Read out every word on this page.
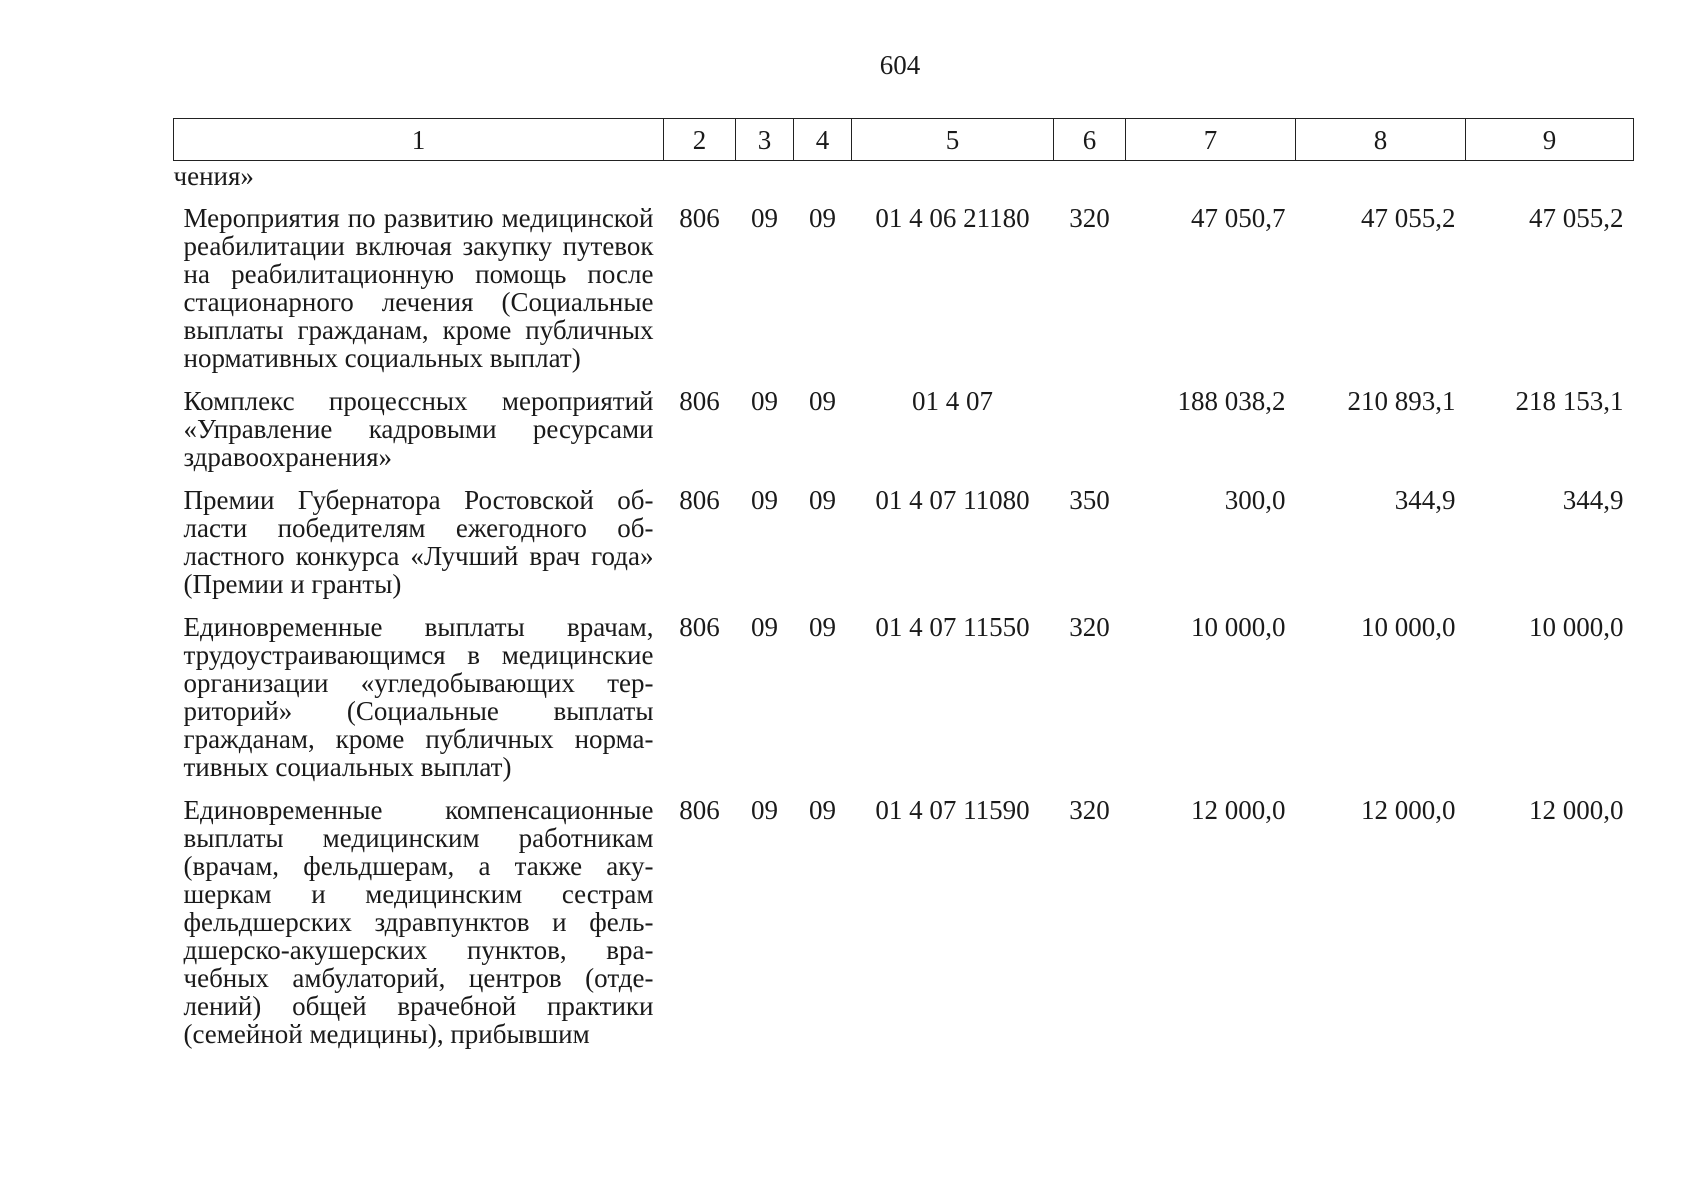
604
1	2	3	4	5	6	7	8	9
чения»								
Мероприятия по развитию медицинской реабилитации включая закупку путевок на реабилитационную помощь после стационарного лечения (Социальные выплаты гражданам, кроме публичных нормативных социальных выплат)	806	09	09	01 4 06 21180	320	47 050,7	47 055,2	47 055,2
Комплекс процессных мероприятий «Управление кадровыми ресурсами здравоохранения»	806	09	09	01 4 07		188 038,2	210 893,1	218 153,1
Премии Губернатора Ростовской области победителям ежегодного областного конкурса «Лучший врач года» (Премии и гранты)	806	09	09	01 4 07 11080	350	300,0	344,9	344,9
Единовременные выплаты врачам, трудоустраивающимся в медицинские организации «угледобывающих территорий» (Социальные выплаты гражданам, кроме публичных нормативных социальных выплат)	806	09	09	01 4 07 11550	320	10 000,0	10 000,0	10 000,0
Единовременные компенсационные выплаты медицинским работникам (врачам, фельдшерам, а также акушеркам и медицинским сестрам фельдшерских здравпунктов и фельдшерско-акушерских пунктов, врачебных амбулаторий, центров (отделений) общей врачебной практики (семейной медицины), прибывшим	806	09	09	01 4 07 11590	320	12 000,0	12 000,0	12 000,0
